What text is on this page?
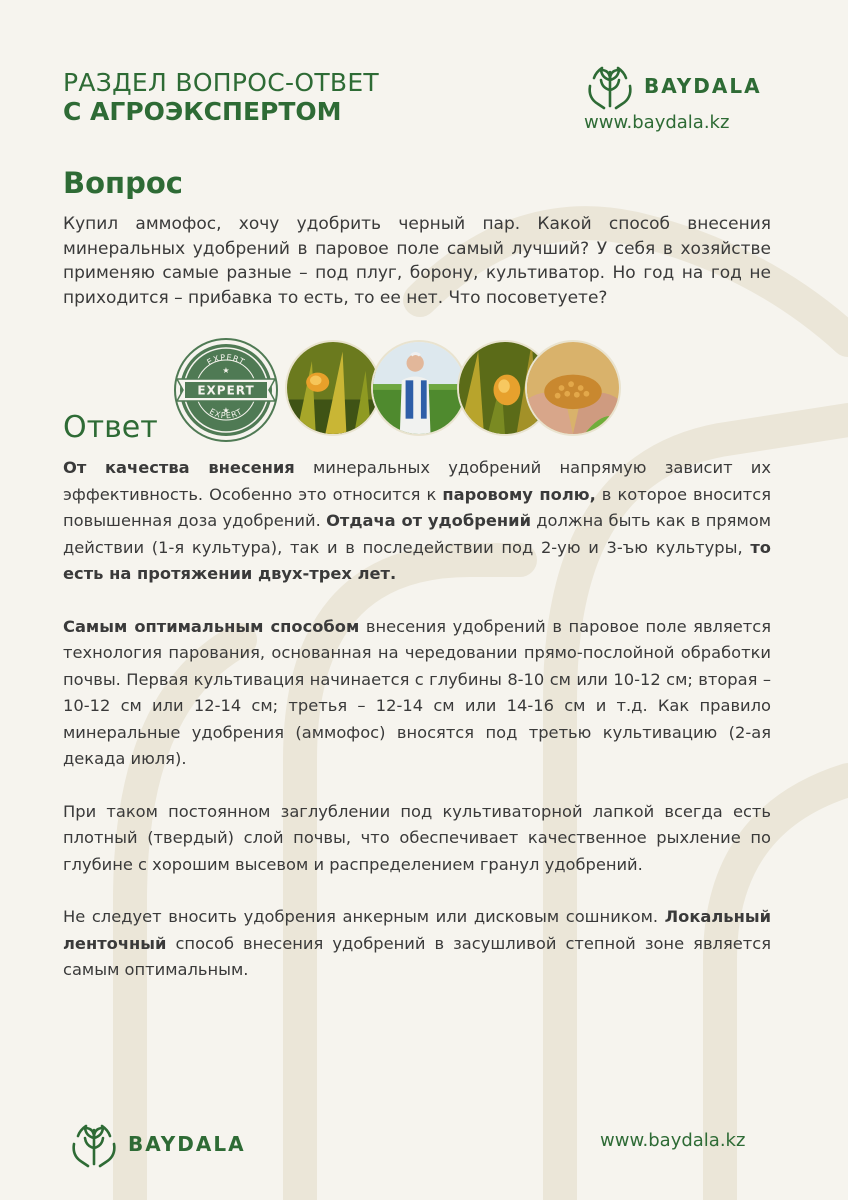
РАЗДЕЛ ВОПРОС-ОТВЕТ
С АГРОЭКСПЕРТОМ
BAYDALA
www.baydala.kz
Вопрос

Купил аммофос, хочу удобрить черный пар. Какой способ внесения минеральных удобрений в паровое поле самый лучший? У себя в хозяйстве применяю самые разные – под плуг, борону, культиватор. Но год на год не приходится – прибавка то есть, то ее нет. Что посоветуете?

EXPERT
EXPERT
EXPERT
★
★
Ответ

От качества внесения минеральных удобрений напрямую зависит их эффективность. Особенно это относится к паровому полю, в которое вносится повышенная доза удобрений. Отдача от удобрений должна быть как в прямом действии (1-я культура), так и в последействии под 2-ую и 3-ъю культуры, то есть на протяжении двух-трех лет.

Самым оптимальным способом внесения удобрений в паровое поле является технология парования, основанная на чередовании прямо-послойной обработки почвы. Первая культивация начинается с глубины 8-10 см или 10-12 см; вторая – 10-12 см или 12-14 см; третья – 12-14 см или 14-16 см и т.д. Как правило минеральные удобрения (аммофос) вносятся под третью культивацию (2-ая декада июля).

При таком постоянном заглублении под культиваторной лапкой всегда есть плотный (твердый) слой почвы, что обеспечивает качественное рыхление по глубине с хорошим высевом и распределением гранул удобрений.

Не следует вносить удобрения анкерным или дисковым сошником. Локальный ленточный способ внесения удобрений в засушливой степной зоне является самым оптимальным.

BAYDALA	www.baydala.kz
